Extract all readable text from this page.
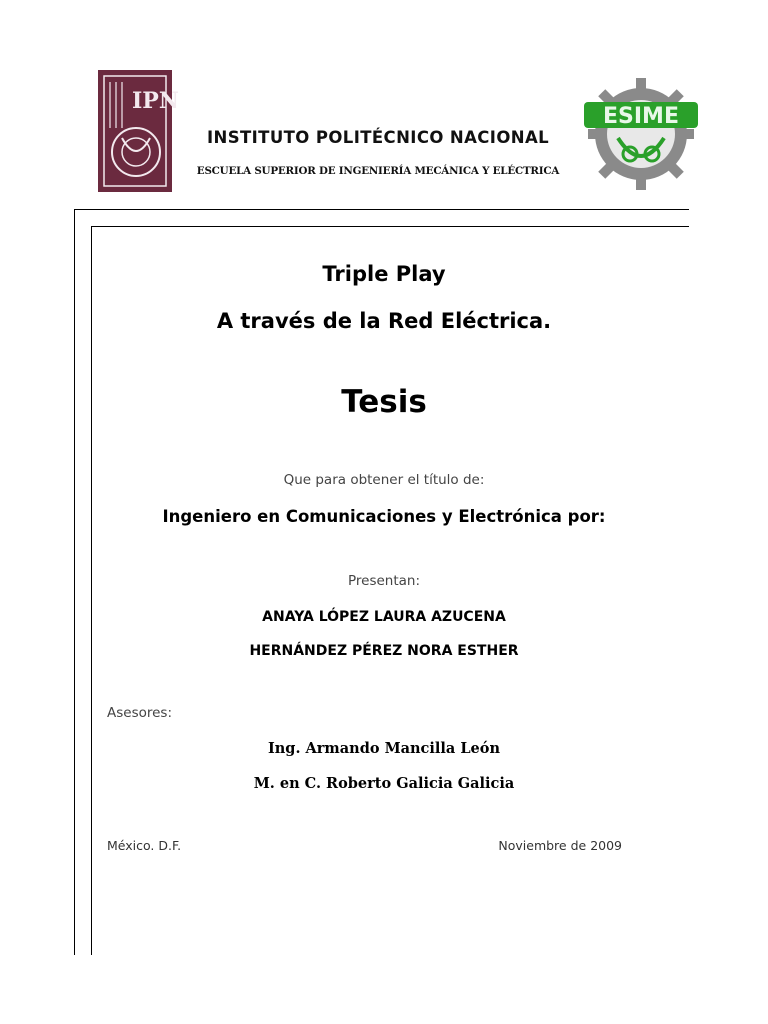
IPN
INSTITUTO POLITÉCNICO NACIONAL
ESCUELA SUPERIOR DE INGENIERÍA MECÁNICA Y ELÉCTRICA
ESIME
Triple Play
A través de la Red Eléctrica.
Tesis
Que para obtener el título de:
Ingeniero en Comunicaciones y Electrónica por:
Presentan:
ANAYA LÓPEZ LAURA AZUCENA
HERNÁNDEZ PÉREZ NORA ESTHER
Asesores:
Ing. Armando Mancilla León
M. en C. Roberto Galicia Galicia
México. D.F.	Noviembre de 2009
